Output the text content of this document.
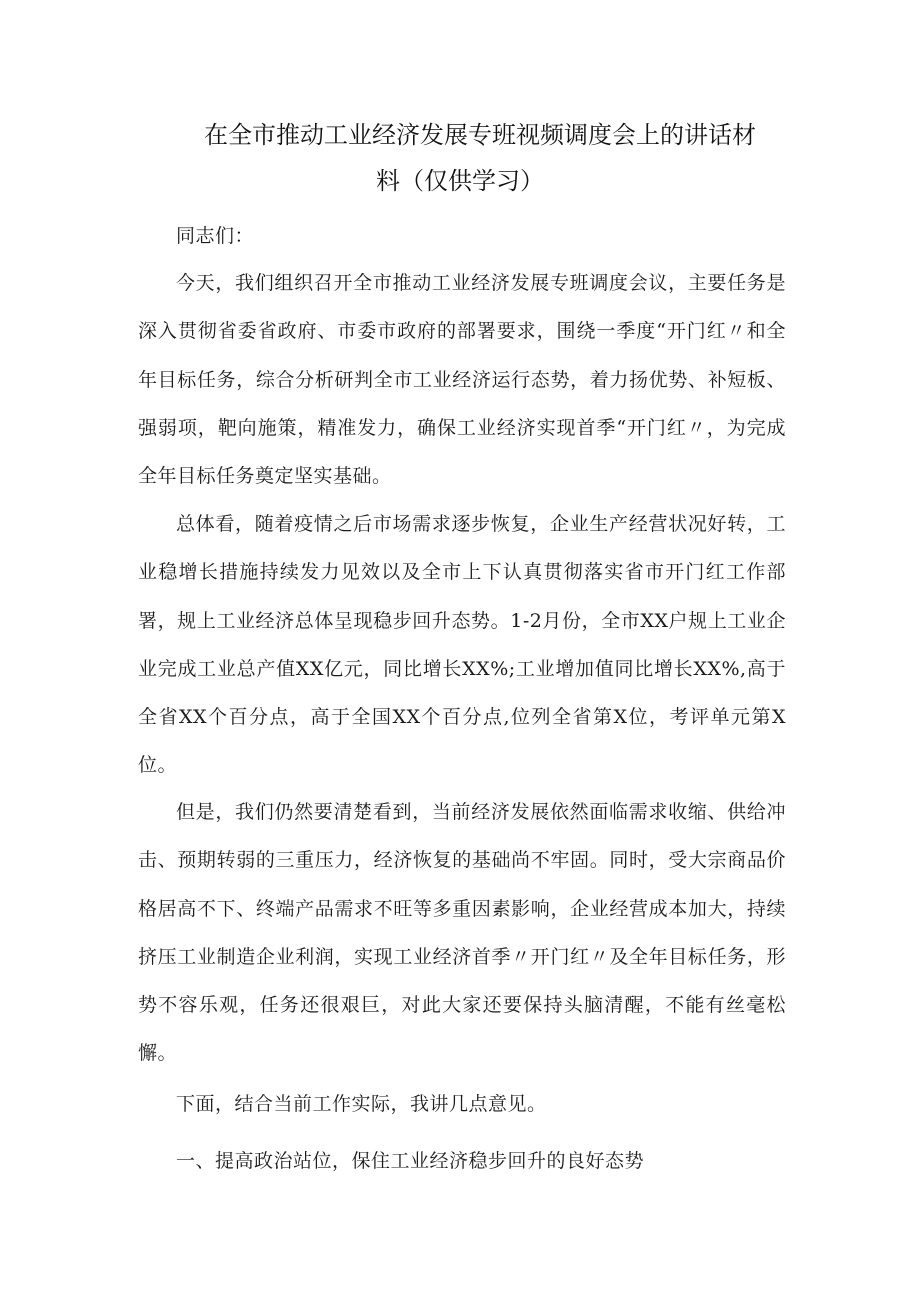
在全市推动工业经济发展专班视频调度会上的讲话材
料（仅供学习）

同志们：

今天，我们组织召开全市推动工业经济发展专班调度会议，主要任务是深入贯彻省委省政府、市委市政府的部署要求，围绕一季度“开门红〃和全年目标任务，综合分析研判全市工业经济运行态势，着力扬优势、补短板、强弱项，靶向施策，精准发力，确保工业经济实现首季“开门红〃，为完成全年目标任务奠定坚实基础。

总体看，随着疫情之后市场需求逐步恢复，企业生产经营状况好转，工业稳增长措施持续发力见效以及全市上下认真贯彻落实省市开门红工作部署，规上工业经济总体呈现稳步回升态势。1-2月份，全市XX户规上工业企业完成工业总产值XX亿元，同比增长XX%;工业增加值同比增长XX%,高于全省XX个百分点，高于全国XX个百分点,位列全省第X位，考评单元第X位。

但是，我们仍然要清楚看到，当前经济发展依然面临需求收缩、供给冲击、预期转弱的三重压力，经济恢复的基础尚不牢固。同时，受大宗商品价格居高不下、终端产品需求不旺等多重因素影响，企业经营成本加大，持续挤压工业制造企业利润，实现工业经济首季〃开门红〃及全年目标任务，形势不容乐观，任务还很艰巨，对此大家还要保持头脑清醒，不能有丝毫松懈。

下面，结合当前工作实际，我讲几点意见。

一、提高政治站位，保住工业经济稳步回升的良好态势
